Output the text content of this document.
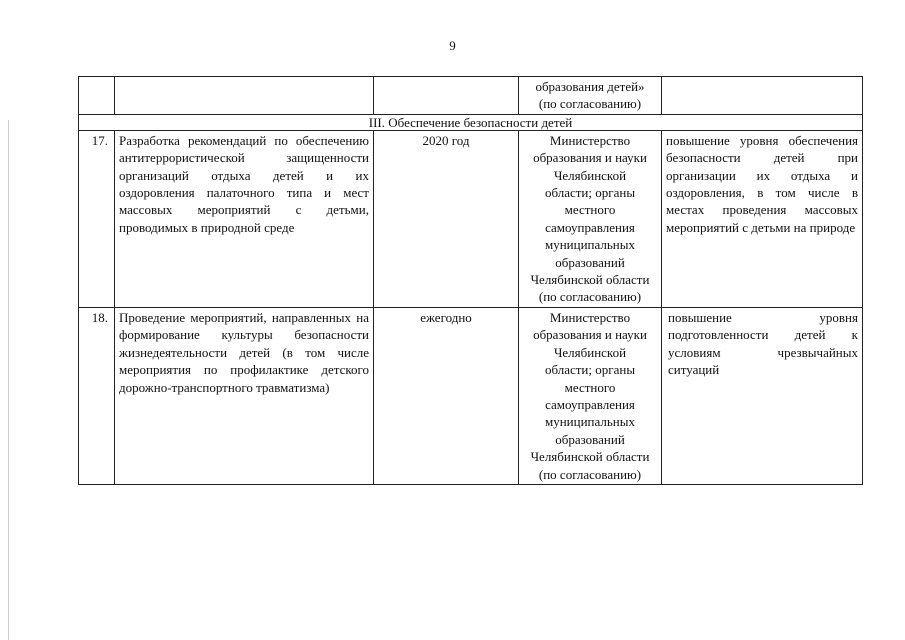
9
			образования детей» (по согласованию)	
III. Обеспечение безопасности детей				
17.	Разработка рекомендаций по обеспечению антитеррористической защищенности организаций отдыха детей и их оздоровления палаточного типа и мест массовых мероприятий с детьми, проводимых в природной среде	2020 год	Министерство образования и науки Челябинской области; органы местного самоуправления муниципальных образований Челябинской области (по согласованию)	повышение уровня обеспечения безопасности детей при организации их отдыха и оздоровления, в том числе в местах проведения массовых мероприятий с детьми на природе
18.	Проведение мероприятий, направленных на формирование культуры безопасности жизнедеятельности детей (в том числе мероприятия по профилактике детского дорожно-транспортного травматизма)	ежегодно	Министерство образования и науки Челябинской области; органы местного самоуправления муниципальных образований Челябинской области (по согласованию)	повышение уровня подготовленности детей к условиям чрезвычайных ситуаций
